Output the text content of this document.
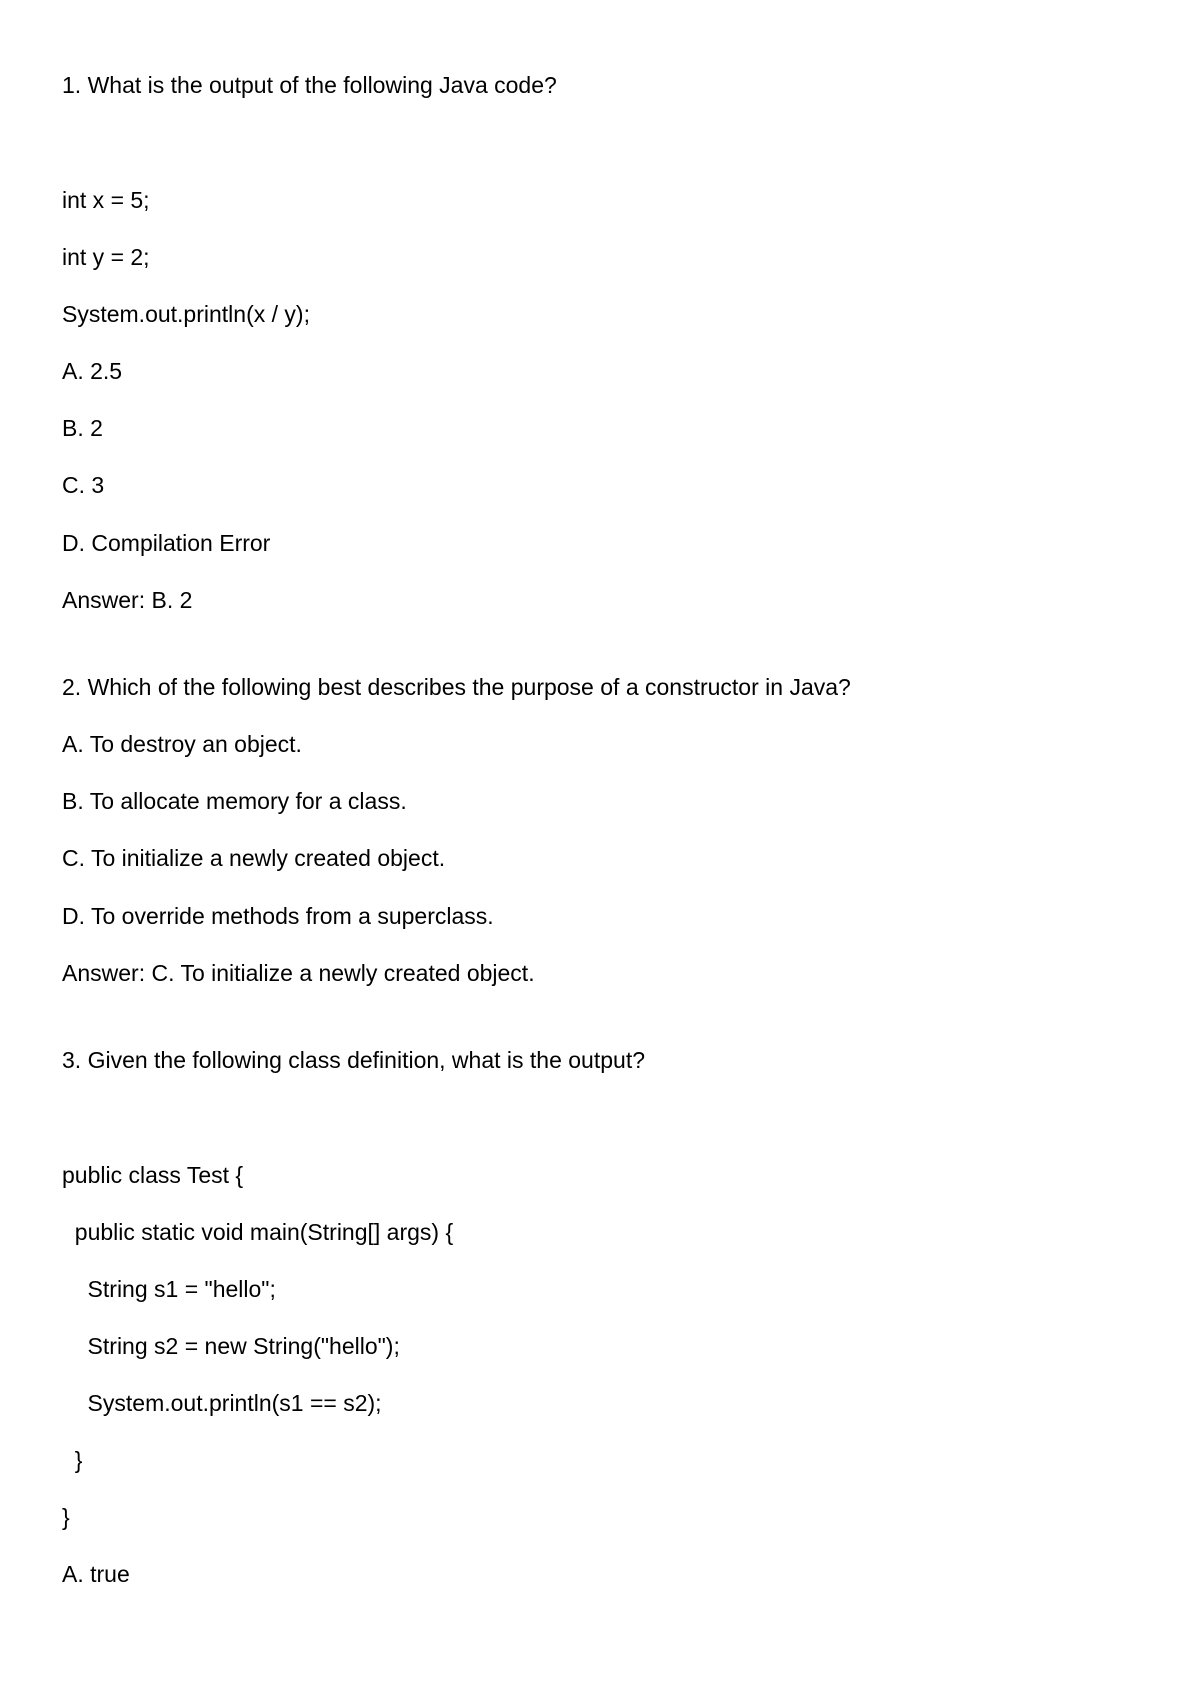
1. What is the output of the following Java code?

int x = 5;

int y = 2;

System.out.println(x / y);

A. 2.5

B. 2

C. 3

D. Compilation Error

Answer: B. 2

2. Which of the following best describes the purpose of a constructor in Java?

A. To destroy an object.

B. To allocate memory for a class.

C. To initialize a newly created object.

D. To override methods from a superclass.

Answer: C. To initialize a newly created object.

3. Given the following class definition, what is the output?

public class Test {

public static void main(String[] args) {

String s1 = "hello";

String s2 = new String("hello");

System.out.println(s1 == s2);

}

}

A. true
